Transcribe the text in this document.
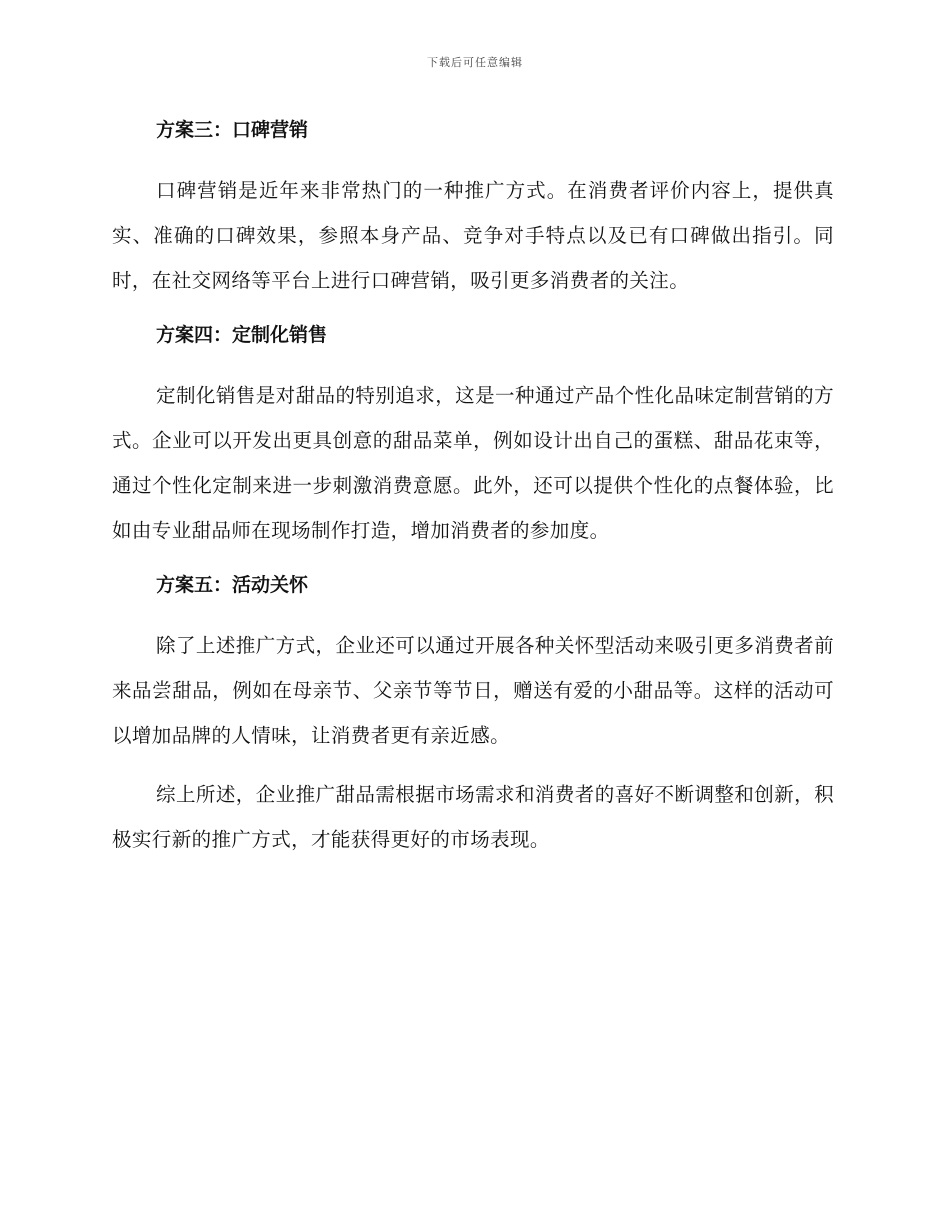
下载后可任意编辑
方案三：口碑营销

口碑营销是近年来非常热门的一种推广方式。在消费者评价内容上，提供真实、准确的口碑效果，参照本身产品、竞争对手特点以及已有口碑做出指引。同时，在社交网络等平台上进行口碑营销，吸引更多消费者的关注。

方案四：定制化销售

定制化销售是对甜品的特别追求，这是一种通过产品个性化品味定制营销的方式。企业可以开发出更具创意的甜品菜单，例如设计出自己的蛋糕、甜品花束等，通过个性化定制来进一步刺激消费意愿。此外，还可以提供个性化的点餐体验，比如由专业甜品师在现场制作打造，增加消费者的参加度。

方案五：活动关怀

除了上述推广方式，企业还可以通过开展各种关怀型活动来吸引更多消费者前来品尝甜品，例如在母亲节、父亲节等节日，赠送有爱的小甜品等。这样的活动可以增加品牌的人情味，让消费者更有亲近感。

综上所述，企业推广甜品需根据市场需求和消费者的喜好不断调整和创新，积极实行新的推广方式，才能获得更好的市场表现。
